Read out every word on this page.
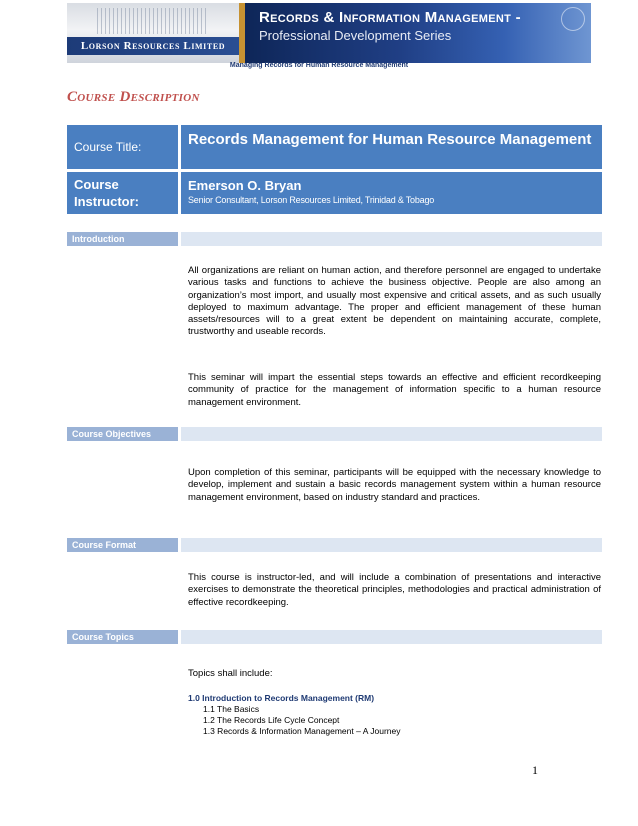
Lorson Resources Limited
Records & Information Management -
Professional Development Series
Managing Records for Human Resource Management
Course Description
Course Title:	Records Management for Human Resource Management
Course
Instructor:
Emerson O. Bryan
Senior Consultant, Lorson Resources Limited, Trinidad & Tobago
Introduction
All organizations are reliant on human action, and therefore personnel are engaged to undertake various tasks and functions to achieve the business objective. People are also among an organization’s most import, and usually most expensive and critical assets, and as such usually deployed to maximum advantage. The proper and efficient management of these human assets/resources will to a great extent be dependent on maintaining accurate, complete, trustworthy and useable records.
This seminar will impart the essential steps towards an effective and efficient recordkeeping community of practice for the management of information specific to a human resource management environment.
Course Objectives
Upon completion of this seminar, participants will be equipped with the necessary knowledge to develop, implement and sustain a basic records management system within a human resource management environment, based on industry standard and practices.
Course Format
This course is instructor-led, and will include a combination of presentations and interactive exercises to demonstrate the theoretical principles, methodologies and practical administration of effective recordkeeping.
Course Topics
Topics shall include:
1.0 Introduction to Records Management (RM)
1.1 The Basics
1.2 The Records Life Cycle Concept
1.3 Records & Information Management – A Journey
1
